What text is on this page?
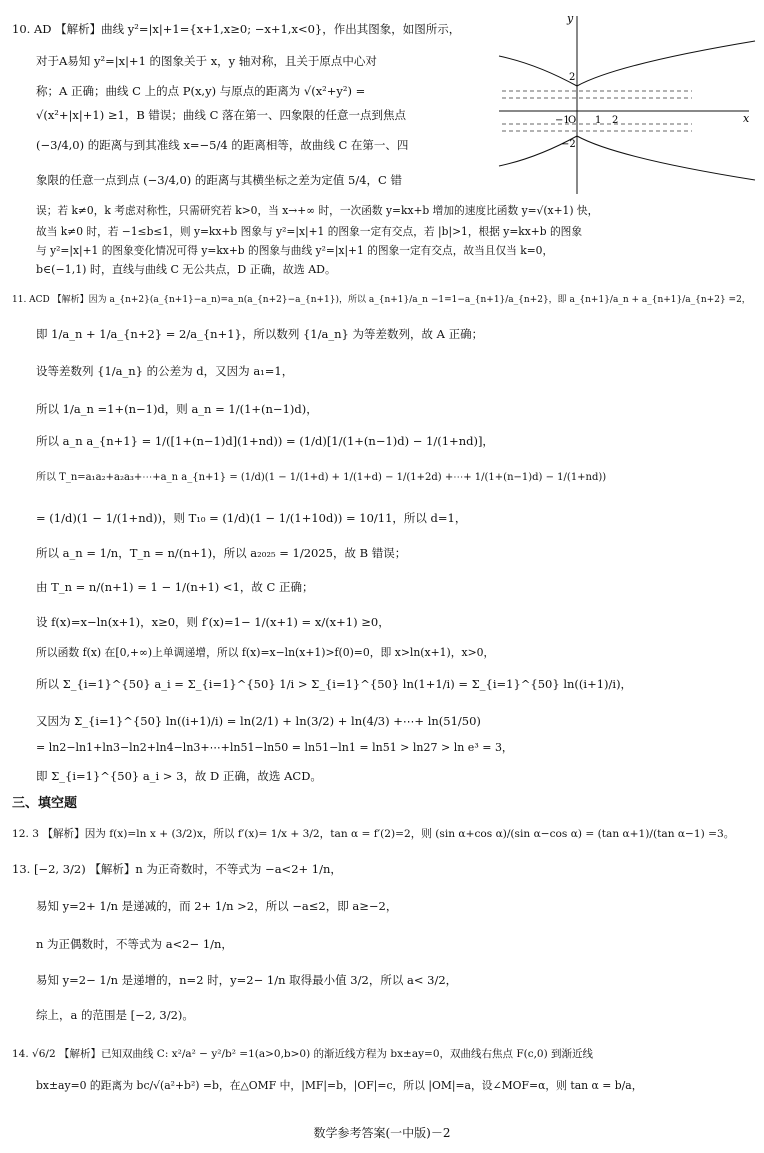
10. AD 【解析】曲线 y²=|x|+1={x+1,x≥0; −x+1,x<0}，作出其图象，如图所示，
对于A易知 y²=|x|+1 的图象关于 x，y 轴对称，且关于原点中心对
称；A 正确；曲线 C 上的点 P(x,y) 与原点的距离为 √(x²+y²) =
√(x²+|x|+1) ≥1，B 错误；曲线 C 落在第一、四象限的任意一点到焦点
(−3/4,0) 的距离与到其准线 x=−5/4 的距离相等，故曲线 C 在第一、四
象限的任意一点到点 (−3/4,0) 的距离与其横坐标之差为定值 5/4，C 错
误；若 k≠0，k 考虑对称性，只需研究若 k>0，当 x→+∞ 时，一次函数 y=kx+b 增加的速度比函数 y=√(x+1) 快，
故当 k≠0 时，若 −1≤b≤1，则 y=kx+b 图象与 y²=|x|+1 的图象一定有交点，若 |b|>1，根据 y=kx+b 的图象
与 y²=|x|+1 的图象变化情况可得 y=kx+b 的图象与曲线 y²=|x|+1 的图象一定有交点，故当且仅当 k=0，
b∈(−1,1) 时，直线与曲线 C 无公共点，D 正确，故选 AD。
11. ACD 【解析】因为 a_{n+2}(a_{n+1}−a_n)=a_n(a_{n+2}−a_{n+1})，所以 a_{n+1}/a_n −1=1−a_{n+1}/a_{n+2}，即 a_{n+1}/a_n + a_{n+1}/a_{n+2} =2，
即 1/a_n + 1/a_{n+2} = 2/a_{n+1}，所以数列 {1/a_n} 为等差数列，故 A 正确；
设等差数列 {1/a_n} 的公差为 d，又因为 a₁=1，
所以 1/a_n =1+(n−1)d，则 a_n = 1/(1+(n−1)d)，
所以 a_n a_{n+1} = 1/([1+(n−1)d](1+nd)) = (1/d)[1/(1+(n−1)d) − 1/(1+nd)]，
所以 T_n=a₁a₂+a₂a₃+⋯+a_n a_{n+1} = (1/d)(1 − 1/(1+d) + 1/(1+d) − 1/(1+2d) +⋯+ 1/(1+(n−1)d) − 1/(1+nd))
= (1/d)(1 − 1/(1+nd))，则 T₁₀ = (1/d)(1 − 1/(1+10d)) = 10/11，所以 d=1，
所以 a_n = 1/n，T_n = n/(n+1)，所以 a₂₀₂₅ = 1/2025，故 B 错误；
由 T_n = n/(n+1) = 1 − 1/(n+1) <1，故 C 正确；
设 f(x)=x−ln(x+1)，x≥0，则 f′(x)=1− 1/(x+1) = x/(x+1) ≥0，
所以函数 f(x) 在[0,+∞)上单调递增，所以 f(x)=x−ln(x+1)>f(0)=0，即 x>ln(x+1)，x>0，
所以 Σ_{i=1}^{50} a_i = Σ_{i=1}^{50} 1/i > Σ_{i=1}^{50} ln(1+1/i) = Σ_{i=1}^{50} ln((i+1)/i)，
又因为 Σ_{i=1}^{50} ln((i+1)/i) = ln(2/1) + ln(3/2) + ln(4/3) +⋯+ ln(51/50)
= ln2−ln1+ln3−ln2+ln4−ln3+⋯+ln51−ln50 = ln51−ln1 = ln51 > ln27 > ln e³ = 3，
即 Σ_{i=1}^{50} a_i > 3，故 D 正确，故选 ACD。
三、填空题
12. 3 【解析】因为 f(x)=ln x + (3/2)x，所以 f′(x)= 1/x + 3/2，tan α = f′(2)=2，则 (sin α+cos α)/(sin α−cos α) = (tan α+1)/(tan α−1) =3。
13. [−2, 3/2) 【解析】n 为正奇数时，不等式为 −a<2+ 1/n，
易知 y=2+ 1/n 是递减的，而 2+ 1/n >2，所以 −a≤2，即 a≥−2，
n 为正偶数时，不等式为 a<2− 1/n，
易知 y=2− 1/n 是递增的，n=2 时，y=2− 1/n 取得最小值 3/2，所以 a< 3/2，
综上，a 的范围是 [−2, 3/2)。
14. √6/2 【解析】已知双曲线 C: x²/a² − y²/b² =1(a>0,b>0) 的渐近线方程为 bx±ay=0，双曲线右焦点 F(c,0) 到渐近线
bx±ay=0 的距离为 bc/√(a²+b²) =b，在△OMF 中，|MF|=b，|OF|=c，所以 |OM|=a，设∠MOF=α，则 tan α = b/a，
y
x
2
−2
−1
O 1 2
数学参考答案(一中版)－2
